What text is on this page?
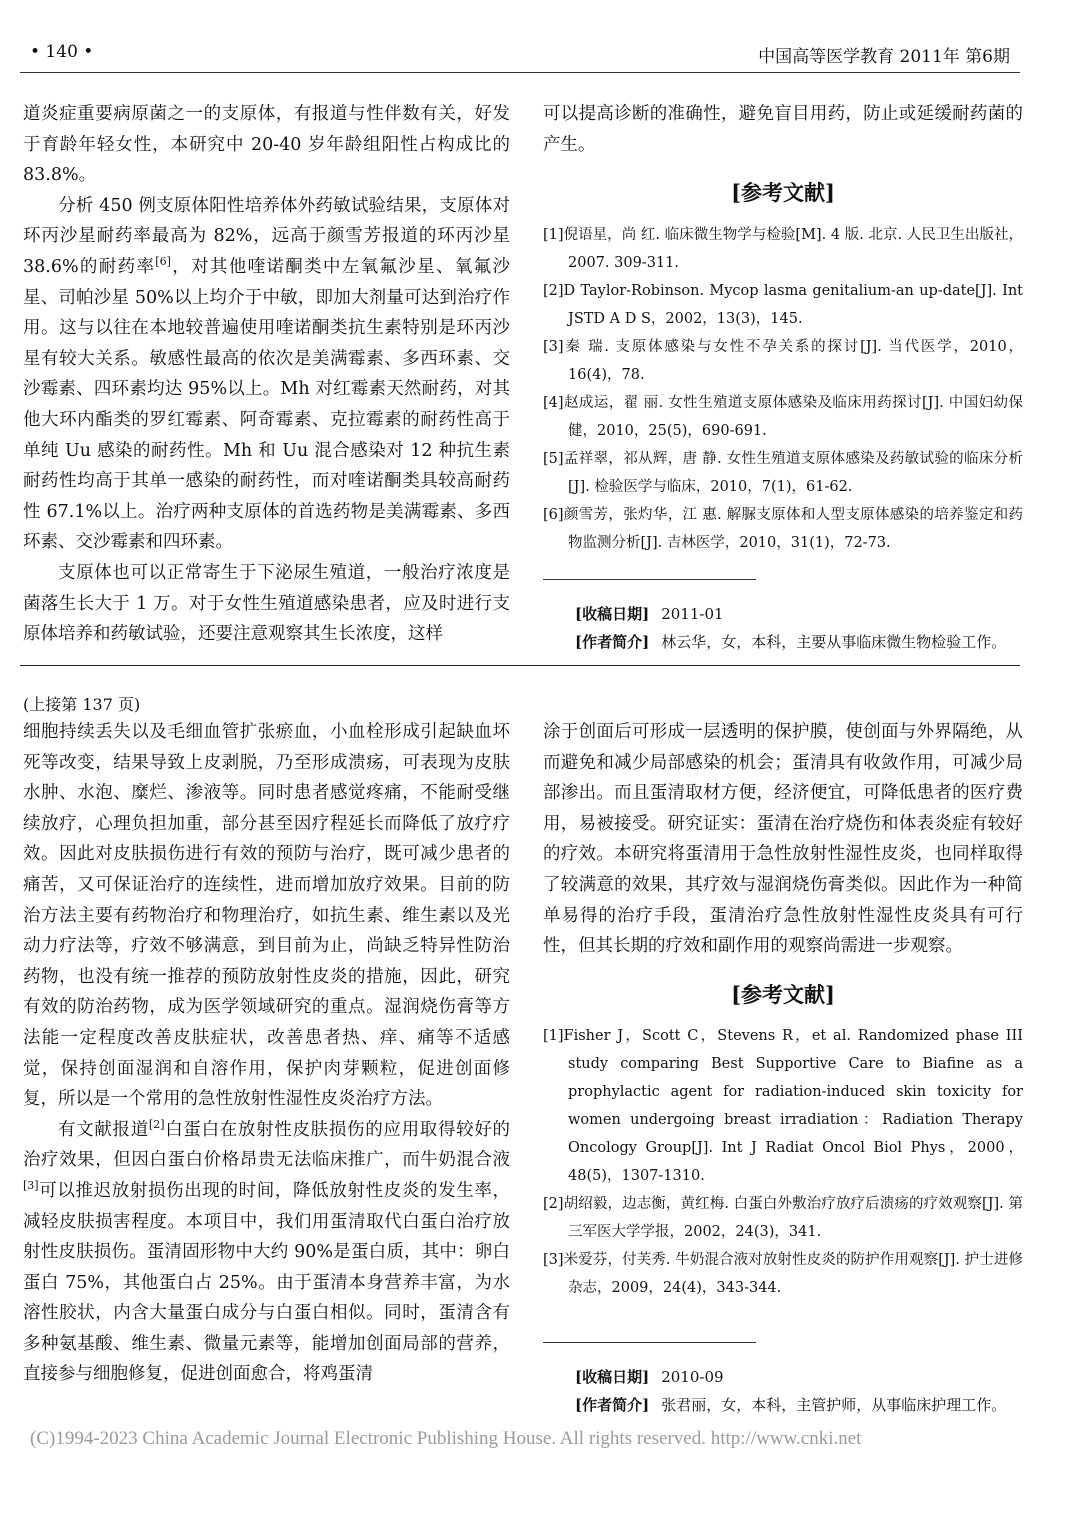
• 140 •	中国高等医学教育 2011年 第6期

道炎症重要病原菌之一的支原体，有报道与性伴数有关，好发于育龄年轻女性，本研究中 20-40 岁年龄组阳性占构成比的 83.8%。

分析 450 例支原体阳性培养体外药敏试验结果，支原体对环丙沙星耐药率最高为 82%，远高于颜雪芳报道的环丙沙星 38.6%的耐药率[6]，对其他喹诺酮类中左氧氟沙星、氧氟沙星、司帕沙星 50%以上均介于中敏，即加大剂量可达到治疗作用。这与以往在本地较普遍使用喹诺酮类抗生素特别是环丙沙星有较大关系。敏感性最高的依次是美满霉素、多西环素、交沙霉素、四环素均达 95%以上。Mh 对红霉素天然耐药，对其他大环内酯类的罗红霉素、阿奇霉素、克拉霉素的耐药性高于单纯 Uu 感染的耐药性。Mh 和 Uu 混合感染对 12 种抗生素耐药性均高于其单一感染的耐药性，而对喹诺酮类具较高耐药性 67.1%以上。治疗两种支原体的首选药物是美满霉素、多西环素、交沙霉素和四环素。

支原体也可以正常寄生于下泌尿生殖道，一般治疗浓度是菌落生长大于 1 万。对于女性生殖道感染患者，应及时进行支原体培养和药敏试验，还要注意观察其生长浓度，这样

可以提高诊断的准确性，避免盲目用药，防止或延缓耐药菌的产生。

[参考文献]
[1]倪语星，尚 红. 临床微生物学与检验[M]. 4 版. 北京. 人民卫生出版社，2007. 309-311.
[2]D Taylor-Robinson. Mycop lasma genitalium-an up-date[J]. Int JSTD A D S，2002，13(3)，145.
[3]秦 瑞. 支原体感染与女性不孕关系的探讨[J]. 当代医学，2010，16(4)，78.
[4]赵成运，翟 丽. 女性生殖道支原体感染及临床用药探讨[J]. 中国妇幼保健，2010，25(5)，690-691.
[5]孟祥翠，祁从辉，唐 静. 女性生殖道支原体感染及药敏试验的临床分析[J]. 检验医学与临床，2010，7(1)，61-62.
[6]颜雪芳，张灼华，江 惠. 解脲支原体和人型支原体感染的培养鉴定和药物监测分析[J]. 吉林医学，2010，31(1)，72-73.
[收稿日期] 2011-01
[作者简介] 林云华，女，本科，主要从事临床微生物检验工作。
(上接第 137 页)

细胞持续丢失以及毛细血管扩张瘀血，小血栓形成引起缺血坏死等改变，结果导致上皮剥脱，乃至形成溃疡，可表现为皮肤水肿、水泡、糜烂、渗液等。同时患者感觉疼痛，不能耐受继续放疗，心理负担加重，部分甚至因疗程延长而降低了放疗疗效。因此对皮肤损伤进行有效的预防与治疗，既可减少患者的痛苦，又可保证治疗的连续性，进而增加放疗效果。目前的防治方法主要有药物治疗和物理治疗，如抗生素、维生素以及光动力疗法等，疗效不够满意，到目前为止，尚缺乏特异性防治药物，也没有统一推荐的预防放射性皮炎的措施，因此，研究有效的防治药物，成为医学领域研究的重点。湿润烧伤膏等方法能一定程度改善皮肤症状，改善患者热、痒、痛等不适感觉，保持创面湿润和自溶作用，保护肉芽颗粒，促进创面修复，所以是一个常用的急性放射性湿性皮炎治疗方法。

有文献报道[2]白蛋白在放射性皮肤损伤的应用取得较好的治疗效果，但因白蛋白价格昂贵无法临床推广，而牛奶混合液[3]可以推迟放射损伤出现的时间，降低放射性皮炎的发生率，减轻皮肤损害程度。本项目中，我们用蛋清取代白蛋白治疗放射性皮肤损伤。蛋清固形物中大约 90%是蛋白质，其中：卵白蛋白 75%，其他蛋白占 25%。由于蛋清本身营养丰富，为水溶性胶状，内含大量蛋白成分与白蛋白相似。同时，蛋清含有多种氨基酸、维生素、微量元素等，能增加创面局部的营养，直接参与细胞修复，促进创面愈合，将鸡蛋清

涂于创面后可形成一层透明的保护膜，使创面与外界隔绝，从而避免和减少局部感染的机会；蛋清具有收敛作用，可减少局部渗出。而且蛋清取材方便，经济便宜，可降低患者的医疗费用，易被接受。研究证实：蛋清在治疗烧伤和体表炎症有较好的疗效。本研究将蛋清用于急性放射性湿性皮炎，也同样取得了较满意的效果，其疗效与湿润烧伤膏类似。因此作为一种简单易得的治疗手段，蛋清治疗急性放射性湿性皮炎具有可行性，但其长期的疗效和副作用的观察尚需进一步观察。

[参考文献]
[1]Fisher J，Scott C，Stevens R，et al. Randomized phase III study comparing Best Supportive Care to Biafine as a prophylactic agent for radiation-induced skin toxicity for women undergoing breast irradiation：Radiation Therapy Oncology Group[J]. Int J Radiat Oncol Biol Phys，2000，48(5)，1307-1310.
[2]胡绍毅，边志衡，黄红梅. 白蛋白外敷治疗放疗后溃疡的疗效观察[J]. 第三军医大学学报，2002，24(3)，341.
[3]米爱芬，付芙秀. 牛奶混合液对放射性皮炎的防护作用观察[J]. 护士进修杂志，2009，24(4)，343-344.
[收稿日期] 2010-09
[作者简介] 张君丽，女，本科，主管护师，从事临床护理工作。
(C)1994-2023 China Academic Journal Electronic Publishing House. All rights reserved. http://www.cnki.net
